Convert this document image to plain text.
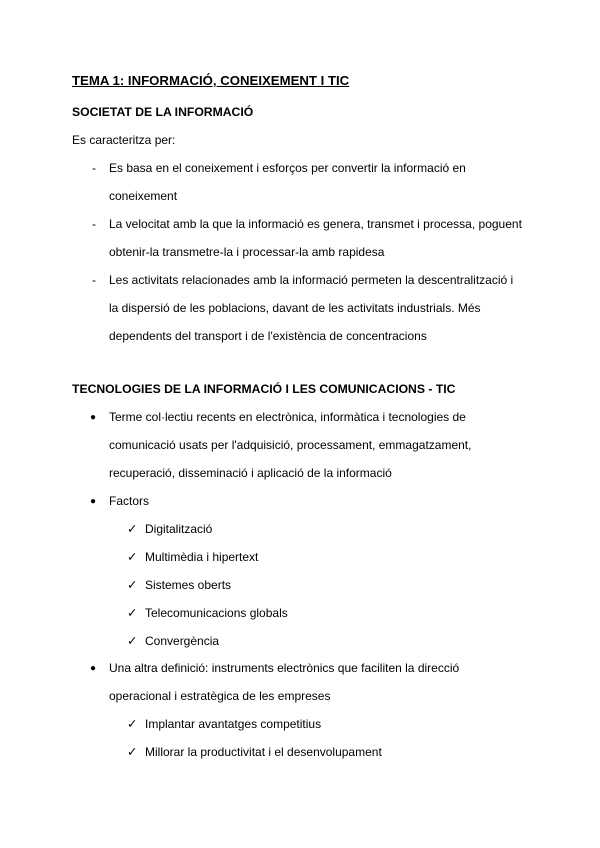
TEMA 1: INFORMACIÓ, CONEIXEMENT I TIC
SOCIETAT DE LA INFORMACIÓ
Es caracteritza per:
- Es basa en el coneixement i esforços per convertir la informació en
coneixement
- La velocitat amb la que la informació es genera, transmet i processa, poguent
obtenir-la transmetre-la i processar-la amb rapidesa
- Les activitats relacionades amb la informació permeten la descentralització i
la dispersió de les poblacions, davant de les activitats industrials. Més
dependents del transport i de l'existència de concentracions
TECNOLOGIES DE LA INFORMACIÓ I LES COMUNICACIONS - TIC
● Terme col·lectiu recents en electrònica, informàtica i tecnologies de
comunicació usats per l'adquisició, processament, emmagatzament,
recuperació, disseminació i aplicació de la informació
● Factors
✓ Digitalització
✓ Multimèdia i hipertext
✓ Sistemes oberts
✓ Telecomunicacions globals
✓ Convergència
● Una altra definició: instruments electrònics que faciliten la direcció
operacional i estratègica de les empreses
✓ Implantar avantatges competitius
✓ Millorar la productivitat i el desenvolupament
